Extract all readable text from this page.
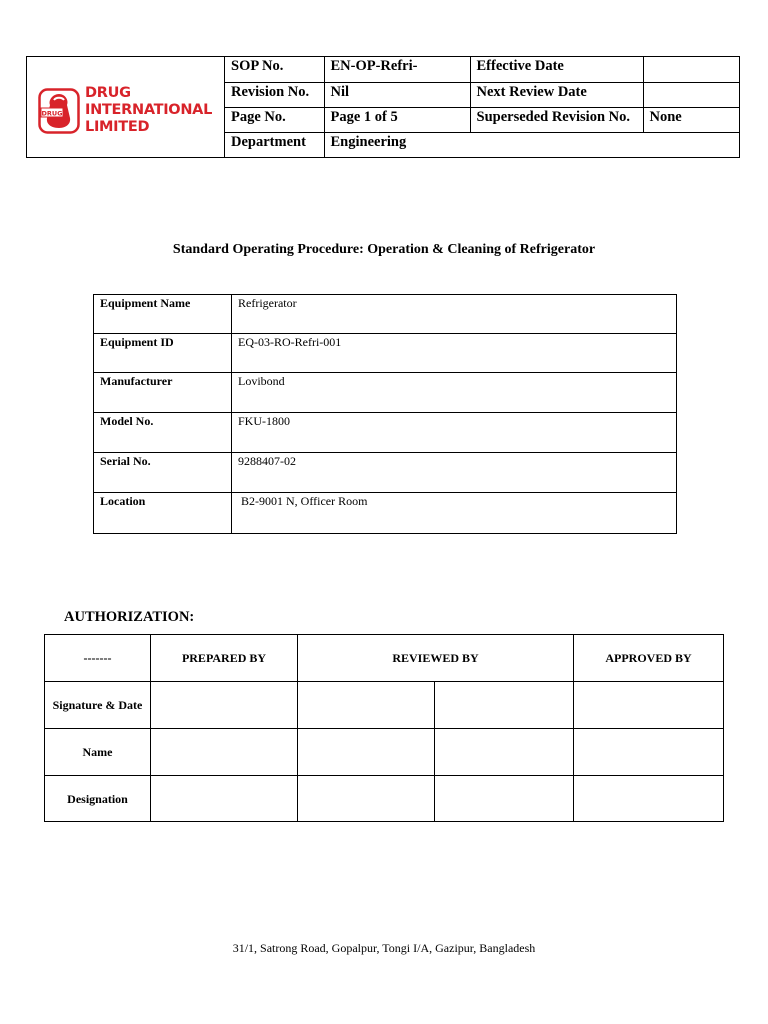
DRUG
DRUG
INTERNATIONAL
LIMITED
SOP No.	EN-OP-Refri-	Effective Date	
Revision No.	Nil	Next Review Date	
Page No.	Page 1 of 5	Superseded Revision No.	None
Department	Engineering		
Standard Operating Procedure: Operation & Cleaning of Refrigerator
Equipment Name	Refrigerator
Equipment ID	EQ-03-RO-Refri-001
Manufacturer	Lovibond
Model No.	FKU-1800
Serial No.	9288407-02
Location	B2-9001 N, Officer Room
AUTHORIZATION:
-------	PREPARED BY	REVIEWED BY		APPROVED BY
Signature & Date				
Name				
Designation				
31/1, Satrong Road, Gopalpur, Tongi I/A, Gazipur, Bangladesh
